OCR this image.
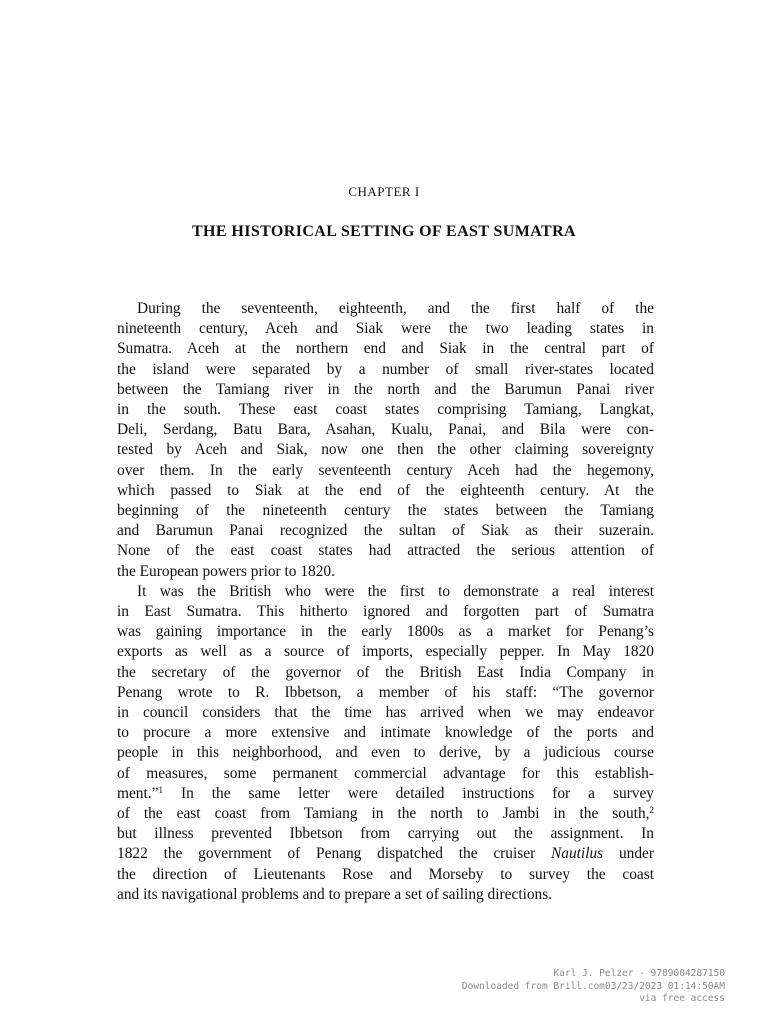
CHAPTER I
THE HISTORICAL SETTING OF EAST SUMATRA
During the seventeenth, eighteenth, and the first half of the
nineteenth century, Aceh and Siak were the two leading states in
Sumatra. Aceh at the northern end and Siak in the central part of
the island were separated by a number of small river-states located
between the Tamiang river in the north and the Barumun Panai river
in the south. These east coast states comprising Tamiang, Langkat,
Deli, Serdang, Batu Bara, Asahan, Kualu, Panai, and Bila were con-
tested by Aceh and Siak, now one then the other claiming sovereignty
over them. In the early seventeenth century Aceh had the hegemony,
which passed to Siak at the end of the eighteenth century. At the
beginning of the nineteenth century the states between the Tamiang
and Barumun Panai recognized the sultan of Siak as their suzerain.
None of the east coast states had attracted the serious attention of
the European powers prior to 1820.
It was the British who were the first to demonstrate a real interest
in East Sumatra. This hitherto ignored and forgotten part of Sumatra
was gaining importance in the early 1800s as a market for Penang’s
exports as well as a source of imports, especially pepper. In May 1820
the secretary of the governor of the British East India Company in
Penang wrote to R. Ibbetson, a member of his staff: “The governor
in council considers that the time has arrived when we may endeavor
to procure a more extensive and intimate knowledge of the ports and
people in this neighborhood, and even to derive, by a judicious course
of measures, some permanent commercial advantage for this establish-
ment.”$^1$ In the same letter were detailed instructions for a survey
of the east coast from Tamiang in the north to Jambi in the south,$^2$
but illness prevented Ibbetson from carrying out the assignment. In
1822 the government of Penang dispatched the cruiser Nautilus under
the direction of Lieutenants Rose and Morseby to survey the coast
and its navigational problems and to prepare a set of sailing directions.
Karl J. Pelzer - 9789004287150
Downloaded from Brill.com03/23/2023 01:14:50AM
via free access
